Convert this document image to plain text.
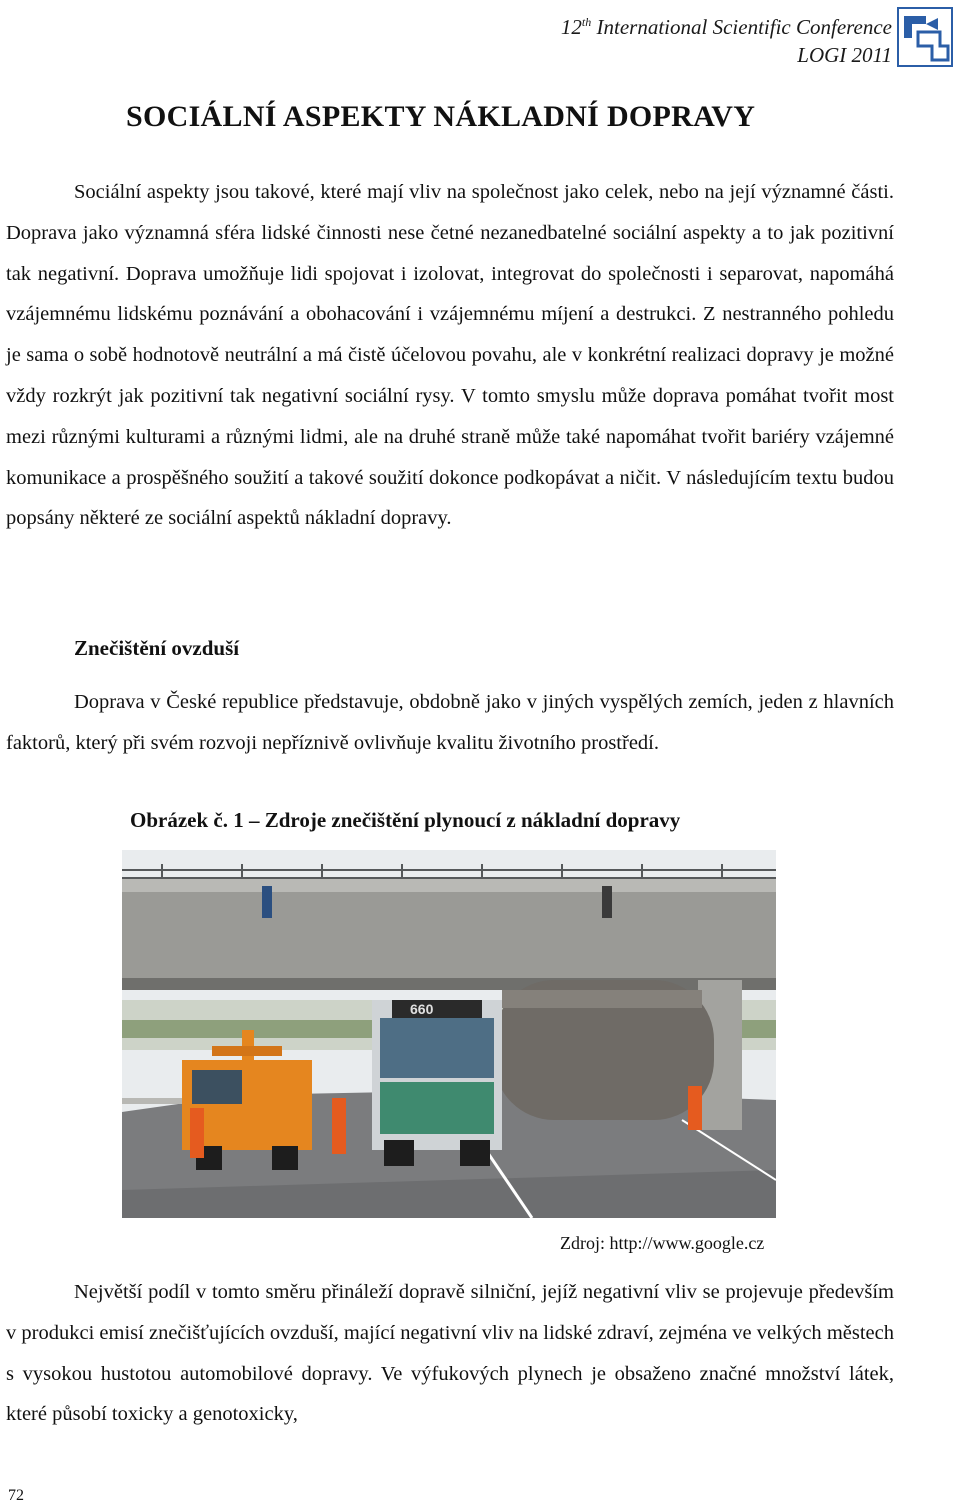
12th International Scientific Conference
LOGI 2011
SOCIÁLNÍ ASPEKTY NÁKLADNÍ DOPRAVY

Sociální aspekty jsou takové, které mají vliv na společnost jako celek, nebo na její významné části. Doprava jako významná sféra lidské činnosti nese četné nezanedbatelné sociální aspekty a to jak pozitivní tak negativní. Doprava umožňuje lidi spojovat i izolovat, integrovat do společnosti i separovat, napomáhá vzájemnému lidskému poznávání a obohacování i vzájemnému míjení a destrukci. Z nestranného pohledu je sama o sobě hodnotově neutrální a má čistě účelovou povahu, ale v konkrétní realizaci dopravy je možné vždy rozkrýt jak pozitivní tak negativní sociální rysy. V tomto smyslu může doprava pomáhat tvořit most mezi různými kulturami a různými lidmi, ale na druhé straně může také napomáhat tvořit bariéry vzájemné komunikace a prospěšného soužití a takové soužití dokonce podkopávat a ničit. V následujícím textu budou popsány některé ze sociální aspektů nákladní dopravy.

Znečištění ovzduší

Doprava v České republice představuje, obdobně jako v jiných vyspělých zemích, jeden z hlavních faktorů, který při svém rozvoji nepříznivě ovlivňuje kvalitu životního prostředí.

Obrázek č. 1 – Zdroje znečištění plynoucí z nákladní dopravy
660
Zdroj: http://www.google.cz

Největší podíl v tomto směru přináleží dopravě silniční, jejíž negativní vliv se projevuje především v produkci emisí znečišťujících ovzduší, mající negativní vliv na lidské zdraví, zejména ve velkých městech s vysokou hustotou automobilové dopravy. Ve výfukových plynech je obsaženo značné množství látek, které působí toxicky a genotoxicky,

72
